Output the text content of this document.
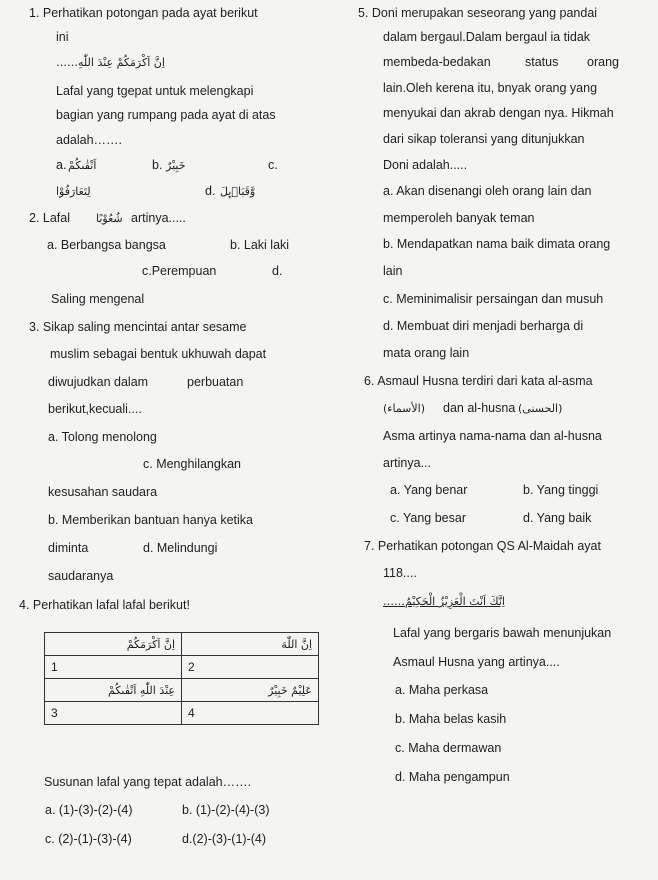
1. Perhatikan potongan pada ayat berikut
ini
……اِنَّ اَكْرَمَكُمْ عِنْدَ اللّٰهِ
Lafal yang tgepat untuk melengkapi
bagian yang rumpang pada ayat di atas
adalah…….
a. اَتْقٰىكُمْ	b. خَبِيْرٌ	c.
لِتَعَارَفُوْا	d. وَّقَبَاۤىِٕلَ
2. Lafal شُعُوْبًا artinya.....
a. Berbangsa bangsa	b. Laki laki
c.Perempuan	d.
Saling mengenal
3. Sikap saling mencintai antar sesame
muslim sebagai bentuk ukhuwah dapat
diwujudkan dalam	perbuatan
berikut,kecuali....
a. Tolong menolong
c. Menghilangkan
kesusahan saudara
b. Memberikan bantuan hanya ketika
diminta	d. Melindungi
saudaranya
4. Perhatikan lafal lafal berikut!
اِنَّ اَكْرَمَكُمْ	اِنَّ اللّٰهَ
1	2
عِنْدَ اللّٰهِ اَتْقٰىكُمْ	عَلِيْمٌ خَبِيْرٌ
3	4
Susunan lafal yang tepat adalah…….
a. (1)-(3)-(2)-(4)	b. (1)-(2)-(4)-(3)
c. (2)-(1)-(3)-(4)	d.(2)-(3)-(1)-(4)
5. Doni merupakan seseorang yang pandai
dalam bergaul.Dalam bergaul ia tidak
membeda-bedakan	status orang
lain.Oleh kerena itu, bnyak orang yang
menyukai dan akrab dengan nya. Hikmah
dari sikap toleransi yang ditunjukkan
Doni adalah.....
a. Akan disenangi oleh orang lain dan
memperoleh banyak teman
b. Mendapatkan nama baik dimata orang
lain
c. Meminimalisir persaingan dan musuh
d. Membuat diri menjadi berharga di
mata orang lain
6. Asmaul Husna terdiri dari kata al-asma
(الأسماء) dan al-husna (الحسنى)
Asma artinya nama-nama dan al-husna
artinya...
a. Yang benar	b. Yang tinggi
c. Yang besar	d. Yang baik
7. Perhatikan potongan QS Al-Maidah ayat
118....
……اِنَّكَ اَنْتَ الْعَزِيْزُ الْحَكِيْمُ
Lafal yang bergaris bawah menunjukan
Asmaul Husna yang artinya....
a. Maha perkasa
b. Maha belas kasih
c. Maha dermawan
d. Maha pengampun
